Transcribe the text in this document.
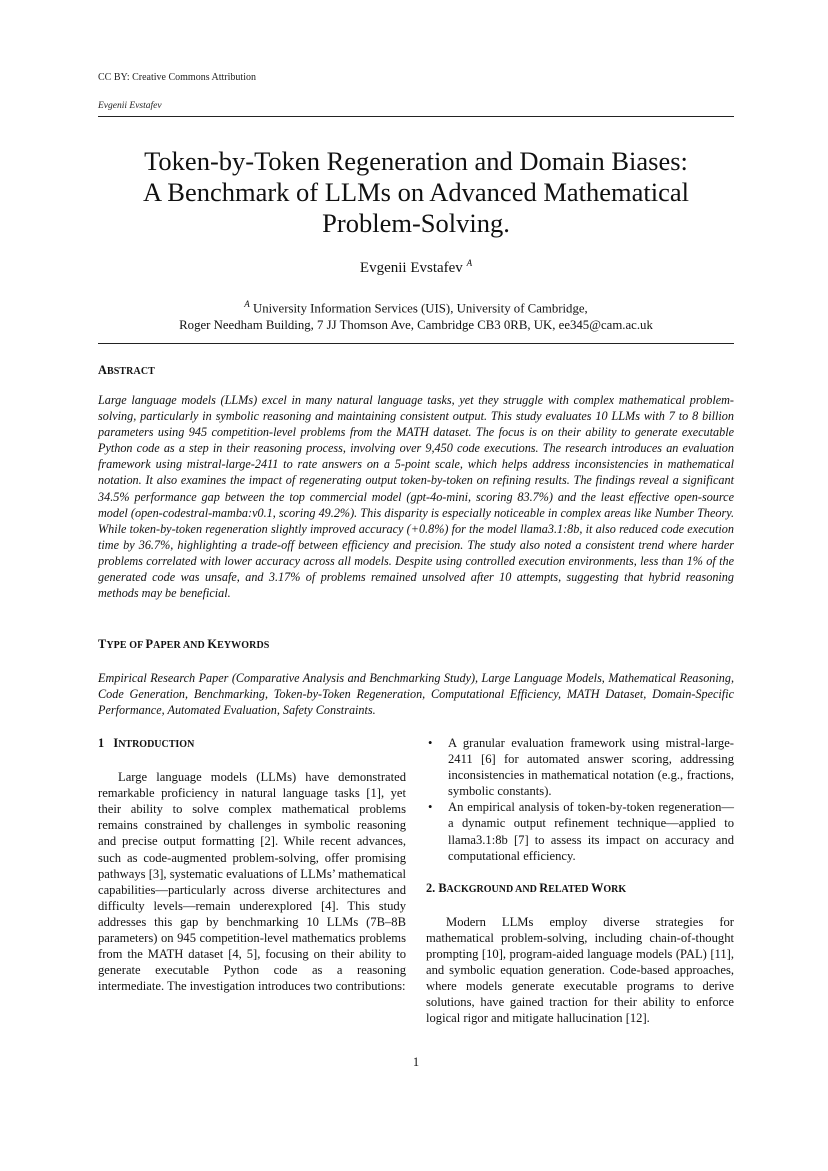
CC BY: Creative Commons Attribution
Evgenii Evstafev
Token-by-Token Regeneration and Domain Biases:
A Benchmark of LLMs on Advanced Mathematical
Problem-Solving.
Evgenii Evstafev $^A$
$^A$ University Information Services (UIS), University of Cambridge,
Roger Needham Building, 7 JJ Thomson Ave, Cambridge CB3 0RB, UK, ee345@cam.ac.uk
ABSTRACT
Large language models (LLMs) excel in many natural language tasks, yet they struggle with complex mathematical problem-solving, particularly in symbolic reasoning and maintaining consistent output. This study evaluates 10 LLMs with 7 to 8 billion parameters using 945 competition-level problems from the MATH dataset. The focus is on their ability to generate executable Python code as a step in their reasoning process, involving over 9,450 code executions. The research introduces an evaluation framework using mistral-large-2411 to rate answers on a 5-point scale, which helps address inconsistencies in mathematical notation. It also examines the impact of regenerating output token-by-token on refining results. The findings reveal a significant 34.5% performance gap between the top commercial model (gpt-4o-mini, scoring 83.7%) and the least effective open-source model (open-codestral-mamba:v0.1, scoring 49.2%). This disparity is especially noticeable in complex areas like Number Theory. While token-by-token regeneration slightly improved accuracy (+0.8%) for the model llama3.1:8b, it also reduced code execution time by 36.7%, highlighting a trade-off between efficiency and precision. The study also noted a consistent trend where harder problems correlated with lower accuracy across all models. Despite using controlled execution environments, less than 1% of the generated code was unsafe, and 3.17% of problems remained unsolved after 10 attempts, suggesting that hybrid reasoning methods may be beneficial.
TYPE OF PAPER AND KEYWORDS
Empirical Research Paper (Comparative Analysis and Benchmarking Study), Large Language Models, Mathematical Reasoning, Code Generation, Benchmarking, Token-by-Token Regeneration, Computational Efficiency, MATH Dataset, Domain-Specific Performance, Automated Evaluation, Safety Constraints.
1 INTRODUCTION

Large language models (LLMs) have demonstrated remarkable proficiency in natural language tasks [1], yet their ability to solve complex mathematical problems remains constrained by challenges in symbolic reasoning and precise output formatting [2]. While recent advances, such as code-augmented problem-solving, offer promising pathways [3], systematic evaluations of LLMs’ mathematical capabilities—particularly across diverse architectures and difficulty levels—remain underexplored [4]. This study addresses this gap by benchmarking 10 LLMs (7B–8B parameters) on 945 competition-level mathematics problems from the MATH dataset [4, 5], focusing on their ability to generate executable Python code as a reasoning intermediate. The investigation introduces two contributions:

• A granular evaluation framework using mistral-large-2411 [6] for automated answer scoring, addressing inconsistencies in mathematical notation (e.g., fractions, symbolic constants).
• An empirical analysis of token-by-token regeneration—a dynamic output refinement technique—applied to llama3.1:8b [7] to assess its impact on accuracy and computational efficiency.
2. BACKGROUND AND RELATED WORK

Modern LLMs employ diverse strategies for mathematical problem-solving, including chain-of-thought prompting [10], program-aided language models (PAL) [11], and symbolic equation generation. Code-based approaches, where models generate executable programs to derive solutions, have gained traction for their ability to enforce logical rigor and mitigate hallucination [12].

1
